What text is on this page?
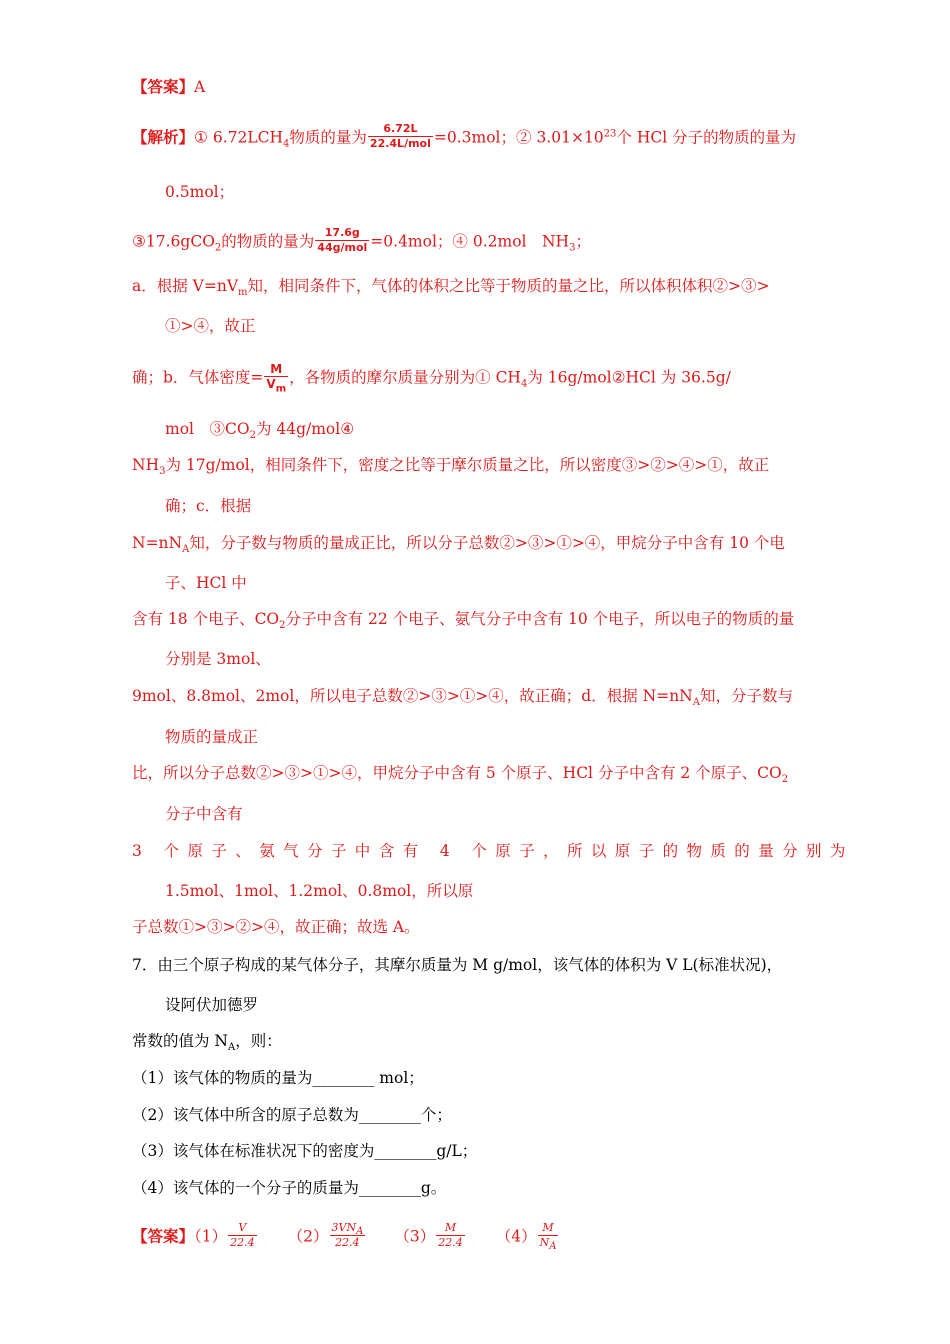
【答案】A
【解析】① $6.72LCH_4$物质的量为 $\frac{6.72L}{\text{22.4L/mol}} =0.3mol$；② $3.01\times 10^{23}$个 HCl 分子的物质的量为
0.5mol；
③17.6gCO$_2$的物质的量为 $\frac{17.6g}{\text{44g/mol}} =0.4mol$；④ 0.2mol　$NH_3$；
a．根据 $V=nV_m$知，相同条件下，气体的体积之比等于物质的量之比，所以体积体积②>③>
①>④，故正
确；b．气体密度= $\frac{M}{V_m}$ ，各物质的摩尔质量分别为① $CH_4$为 16g/mol②HCl 为 36.5g/
mol　$③CO_2$为 44g/mol④
$NH_3$为 17g/mol，相同条件下，密度之比等于摩尔质量之比，所以密度③>②>④>①，故正
确；c．根据
$N=nN_A$知，分子数与物质的量成正比，所以分子总数②>③>①>④，甲烷分子中含有 10 个电
子、HCl 中
含有 18 个电子、$CO_2$分子中含有 22 个电子、氨气分子中含有 10 个电子，所以电子的物质的量
分别是 3mol、
9mol、8.8mol、2mol，所以电子总数②>③>①>④，故正确；d．根据 $N=nN_A$知，分子数与
物质的量成正
比，所以分子总数②>③>①>④，甲烷分子中含有 5 个原子、HCl 分子中含有 2 个原子、$CO_2$
分子中含有
3 个原子、氨气分子中含有 4 个原子，所以原子的物质的量分别为
1.5mol、1mol、1.2mol、0.8mol，所以原
子总数①>③>②>④，故正确；故选 A。
7．由三个原子构成的某气体分子，其摩尔质量为 M g/mol，该气体的体积为 V L(标准状况)，
设阿伏加德罗
常数的值为 $N_A$，则：
（1）该气体的物质的量为________ mol；
（2）该气体中所含的原子总数为________个；
（3）该气体在标准状况下的密度为________g/L；
（4）该气体的一个分子的质量为________g。
【答案】$(1) \frac{V}{22.4} (2) \frac{3VN_A}{22.4} (3) \frac{M}{22.4} (4) \frac{M}{N_A}$
